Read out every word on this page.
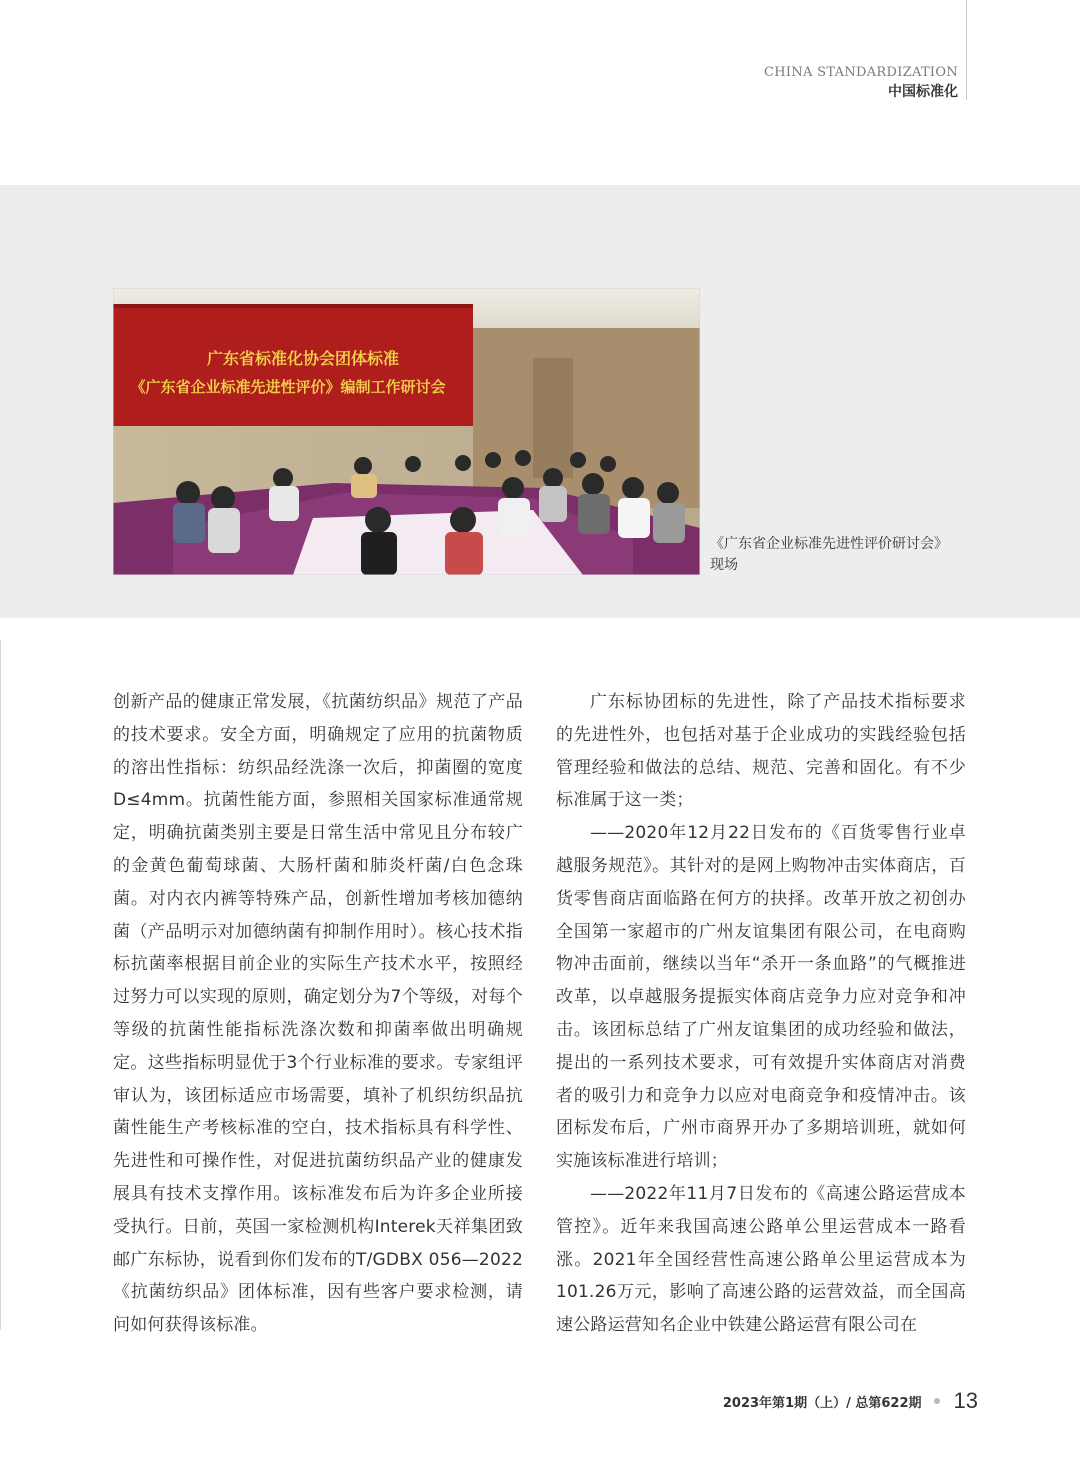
CHINA STANDARDIZATION
中国标准化
广东省标准化协会团体标准
《广东省企业标准先进性评价》编制工作研讨会
《广东省企业标准先进性评价研讨会》
现场

创新产品的健康正常发展，《抗菌纺织品》规范了产品的技术要求。安全方面，明确规定了应用的抗菌物质的溶出性指标：纺织品经洗涤一次后，抑菌圈的宽度D≤4mm。抗菌性能方面，参照相关国家标准通常规定，明确抗菌类别主要是日常生活中常见且分布较广的金黄色葡萄球菌、大肠杆菌和肺炎杆菌/白色念珠菌。对内衣内裤等特殊产品，创新性增加考核加德纳菌（产品明示对加德纳菌有抑制作用时）。核心技术指标抗菌率根据目前企业的实际生产技术水平，按照经过努力可以实现的原则，确定划分为7个等级，对每个等级的抗菌性能指标洗涤次数和抑菌率做出明确规定。这些指标明显优于3个行业标准的要求。专家组评审认为，该团标适应市场需要，填补了机织纺织品抗菌性能生产考核标准的空白，技术指标具有科学性、先进性和可操作性，对促进抗菌纺织品产业的健康发展具有技术支撑作用。该标准发布后为许多企业所接受执行。日前，英国一家检测机构Interek天祥集团致邮广东标协，说看到你们发布的T/GDBX 056—2022《抗菌纺织品》团体标准，因有些客户要求检测，请问如何获得该标准。

广东标协团标的先进性，除了产品技术指标要求的先进性外，也包括对基于企业成功的实践经验包括管理经验和做法的总结、规范、完善和固化。有不少标准属于这一类；

——2020年12月22日发布的《百货零售行业卓越服务规范》。其针对的是网上购物冲击实体商店，百货零售商店面临路在何方的抉择。改革开放之初创办全国第一家超市的广州友谊集团有限公司，在电商购物冲击面前，继续以当年“杀开一条血路”的气概推进改革，以卓越服务提振实体商店竞争力应对竞争和冲击。该团标总结了广州友谊集团的成功经验和做法，提出的一系列技术要求，可有效提升实体商店对消费者的吸引力和竞争力以应对电商竞争和疫情冲击。该团标发布后，广州市商界开办了多期培训班，就如何实施该标准进行培训；

——2022年11月7日发布的《高速公路运营成本管控》。近年来我国高速公路单公里运营成本一路看涨。2021年全国经营性高速公路单公里运营成本为101.26万元，影响了高速公路的运营效益，而全国高速公路运营知名企业中铁建公路运营有限公司在

2023年第1期（上）/ 总第622期 13
